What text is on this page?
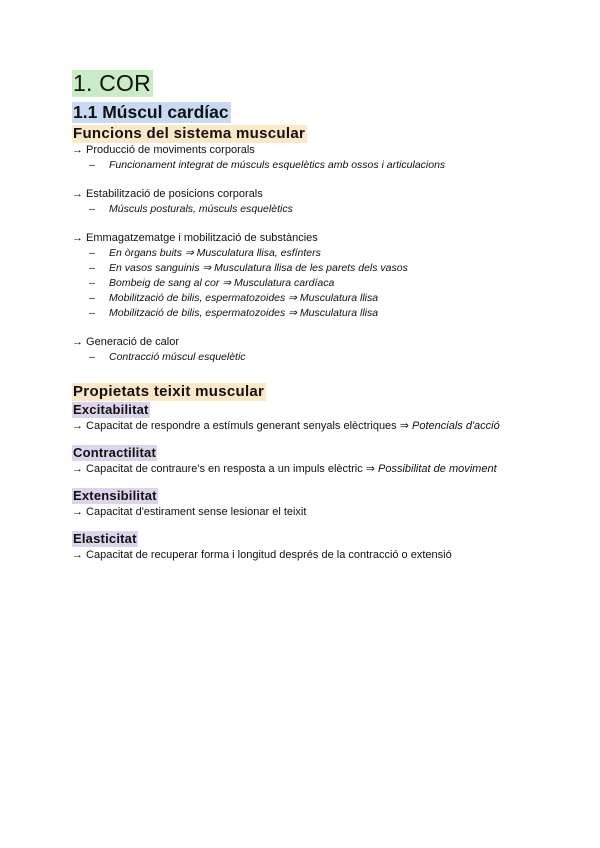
1. COR
1.1 Múscul cardíac
Funcions del sistema muscular
→ Producció de moviments corporals
– Funcionament integrat de músculs esquelètics amb ossos i articulacions
→ Estabilització de posicions corporals
– Músculs posturals, músculs esquelètics
→ Emmagatzematge i mobilització de substàncies
– En òrgans buits ⇒ Musculatura llisa, esfínters
– En vasos sanguinis ⇒ Musculatura llisa de les parets dels vasos
– Bombeig de sang al cor ⇒ Musculatura cardíaca
– Mobilització de bilis, espermatozoides ⇒ Musculatura llisa
– Mobilització de bilis, espermatozoides ⇒ Musculatura llisa
→ Generació de calor
– Contracció múscul esquelètic
Propietats teixit muscular
Excitabilitat
→ Capacitat de respondre a estímuls generant senyals elèctriques ⇒ Potencials d'acció
Contractilitat
→ Capacitat de contraure's en resposta a un impuls elèctric ⇒ Possibilitat de moviment
Extensibilitat
→ Capacitat d'estirament sense lesionar el teixit
Elasticitat
→ Capacitat de recuperar forma i longitud després de la contracció o extensió
